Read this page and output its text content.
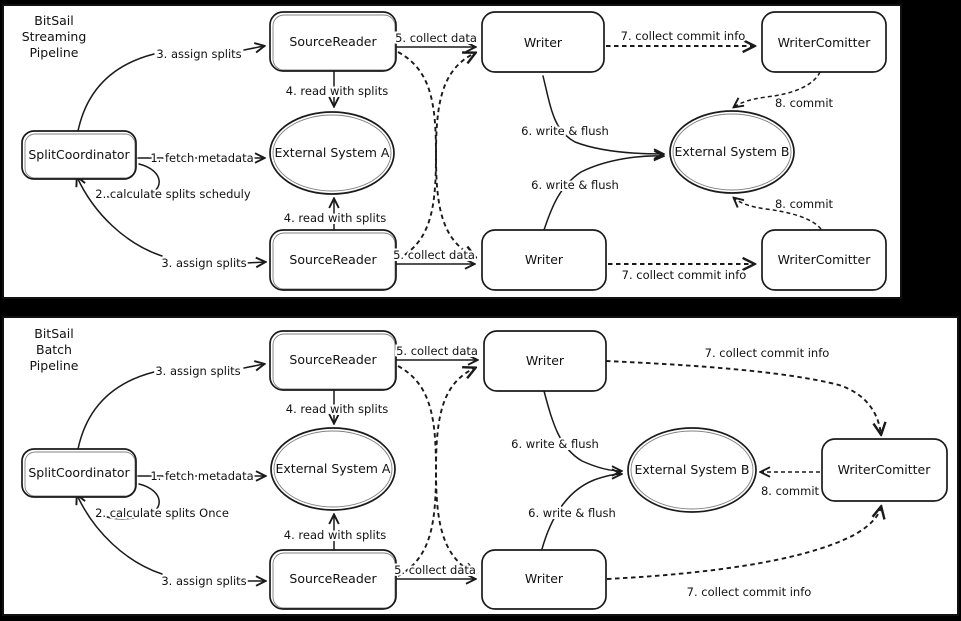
SplitCoordinator
SourceReader	Writer	WriterComitter
External System A	External System B
SourceReader	Writer	WriterComitter
3. assign splits
1. fetch metadata
2. calculate splits scheduly
3. assign splits
4. read with splits
4. read with splits
5. collect data
5. collect data
6. write & flush
6. write & flush
7. collect commit info
7. collect commit info
8. commit
8. commit
BitSail
Streaming
Pipeline
SplitCoordinator
SourceReader	Writer
External System A	External System B	WriterComitter
SourceReader	Writer
3. assign splits
1. fetch metadata
2. calculate splits Once
3. assign splits
4. read with splits
4. read with splits
5. collect data
5. collect data
6. write & flush
6. write & flush
7. collect commit info
7. collect commit info
8. commit
BitSail
Batch
Pipeline
